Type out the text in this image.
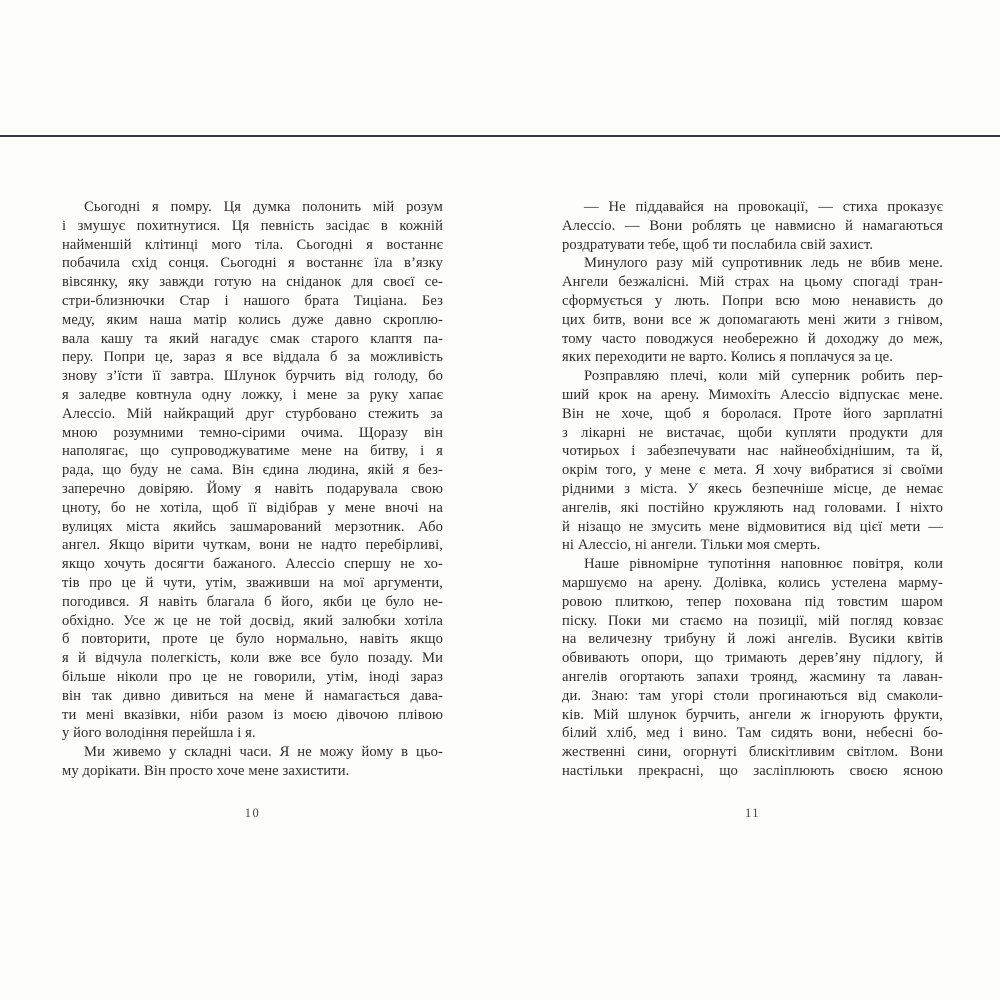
Сьогодні я помру. Ця думка полонить мій розум
і змушує похитнутися. Ця певність засідає в кожній
найменшій клітинці мого тіла. Сьогодні я востаннє
побачила схід сонця. Сьогодні я востаннє їла в’язку
вівсянку, яку завжди готую на сніданок для своєї се-
стри-близнючки Стар і нашого брата Тиціана. Без
меду, яким наша матір колись дуже давно скроплю-
вала кашу та який нагадує смак старого клаптя па-
перу. Попри це, зараз я все віддала б за можливість
знову з’їсти її завтра. Шлунок бурчить від голоду, бо
я заледве ковтнула одну ложку, і мене за руку хапає
Алессіо. Мій найкращий друг стурбовано стежить за
мною розумними темно-сірими очима. Щоразу він
наполягає, що супроводжуватиме мене на битву, і я
рада, що буду не сама. Він єдина людина, якій я без-
заперечно довіряю. Йому я навіть подарувала свою
цноту, бо не хотіла, щоб її відібрав у мене вночі на
вулицях міста якийсь зашмарований мерзотник. Або
ангел. Якщо вірити чуткам, вони не надто перебірливі,
якщо хочуть досягти бажаного. Алессіо спершу не хо-
тів про це й чути, утім, зваживши на мої аргументи,
погодився. Я навіть благала б його, якби це було не-
обхідно. Усе ж це не той досвід, який залюбки хотіла
б повторити, проте це було нормально, навіть якщо
я й відчула полегкість, коли вже все було позаду. Ми
більше ніколи про це не говорили, утім, іноді зараз
він так дивно дивиться на мене й намагається дава-
ти мені вказівки, ніби разом із моєю дівочою плівою
у його володіння перейшла і я.
Ми живемо у складні часи. Я не можу йому в цьо-
му дорікати. Він просто хоче мене захистити.
10
— Не піддавайся на провокації, — стиха проказує
Алессіо. — Вони роблять це навмисно й намагаються
роздратувати тебе, щоб ти послабила свій захист.
Минулого разу мій супротивник ледь не вбив мене.
Ангели безжалісні. Мій страх на цьому спогаді тран-
сформується у лють. Попри всю мою ненависть до
цих битв, вони все ж допомагають мені жити з гнівом,
тому часто поводжуся необережно й доходжу до меж,
яких переходити не варто. Колись я поплачуся за це.
Розправляю плечі, коли мій суперник робить пер-
ший крок на арену. Мимохіть Алессіо відпускає мене.
Він не хоче, щоб я боролася. Проте його зарплатні
з лікарні не вистачає, щоби купляти продукти для
чотирьох і забезпечувати нас найнеобхіднішим, та й,
окрім того, у мене є мета. Я хочу вибратися зі своїми
рідними з міста. У якесь безпечніше місце, де немає
ангелів, які постійно кружляють над головами. І ніхто
й нізащо не змусить мене відмовитися від цієї мети —
ні Алессіо, ні ангели. Тільки моя смерть.
Наше рівномірне тупотіння наповнює повітря, коли
маршуємо на арену. Долівка, колись устелена марму-
ровою плиткою, тепер похована під товстим шаром
піску. Поки ми стаємо на позиції, мій погляд ковзає
на величезну трибуну й ложі ангелів. Вусики квітів
обвивають опори, що тримають дерев’яну підлогу, й
ангелів огортають запахи троянд, жасмину та лаван-
ди. Знаю: там угорі столи прогинаються від смаколи-
ків. Мій шлунок бурчить, ангели ж ігнорують фрукти,
білий хліб, мед і вино. Там сидять вони, небесні бо-
жественні сини, огорнуті блискітливим світлом. Вони
настільки прекрасні, що засліплюють своєю ясною
11
